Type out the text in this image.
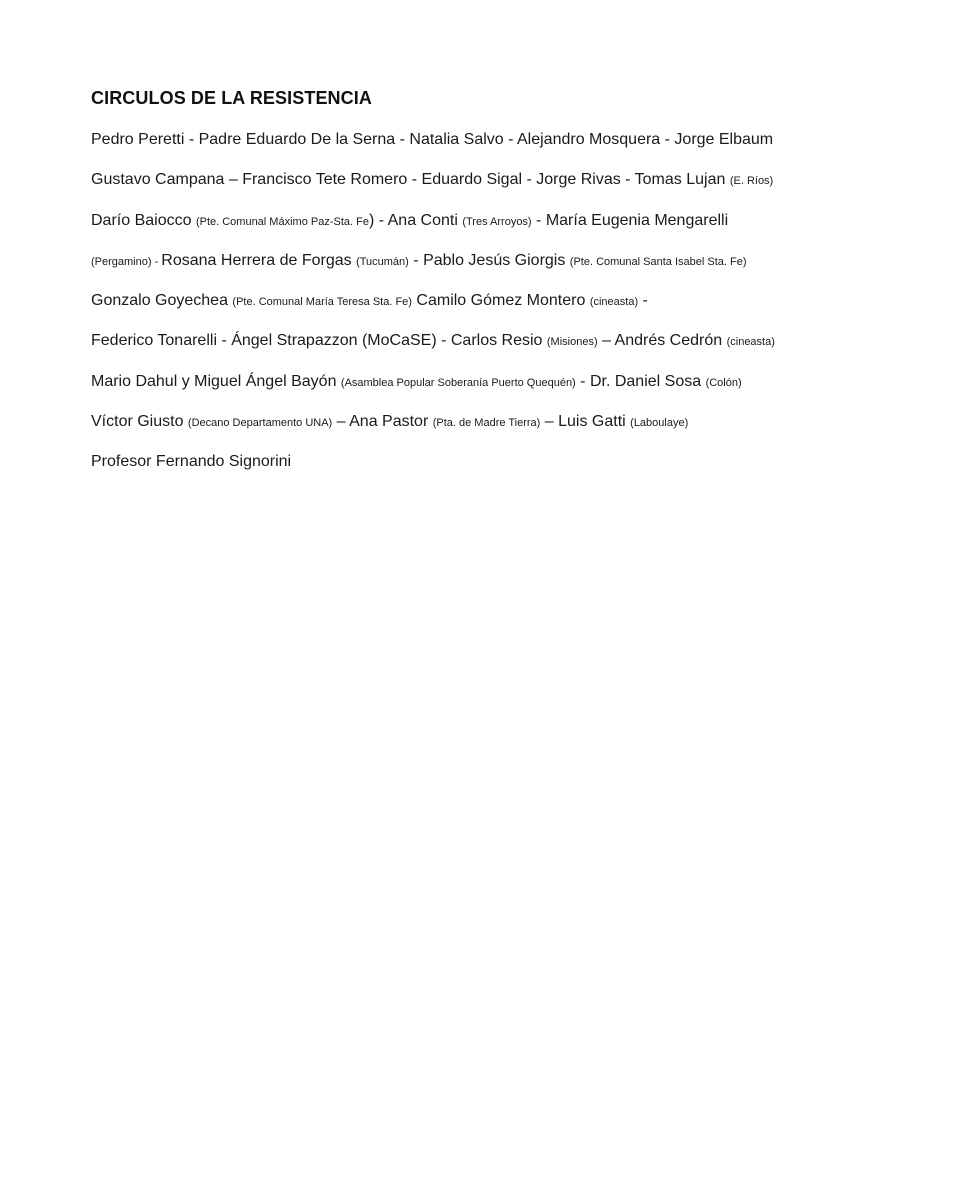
CIRCULOS DE LA RESISTENCIA
Pedro Peretti - Padre Eduardo De la Serna - Natalia Salvo - Alejandro Mosquera - Jorge Elbaum
Gustavo Campana – Francisco Tete Romero - Eduardo Sigal - Jorge Rivas - Tomas Lujan (E. Ríos)
Darío Baiocco (Pte. Comunal Máximo Paz-Sta. Fe) - Ana Conti (Tres Arroyos) - María Eugenia Mengarelli
(Pergamino) - Rosana Herrera de Forgas (Tucumán) - Pablo Jesús Giorgis (Pte. Comunal Santa Isabel Sta. Fe)
Gonzalo Goyechea (Pte. Comunal María Teresa Sta. Fe) Camilo Gómez Montero (cineasta) -
Federico Tonarelli - Ángel Strapazzon (MoCaSE) - Carlos Resio (Misiones) – Andrés Cedrón (cineasta)
Mario Dahul y Miguel Ángel Bayón (Asamblea Popular Soberanía Puerto Quequén) - Dr. Daniel Sosa (Colón)
Víctor Giusto (Decano Departamento UNA) – Ana Pastor (Pta. de Madre Tierra) – Luis Gatti (Laboulaye)
Profesor Fernando Signorini
